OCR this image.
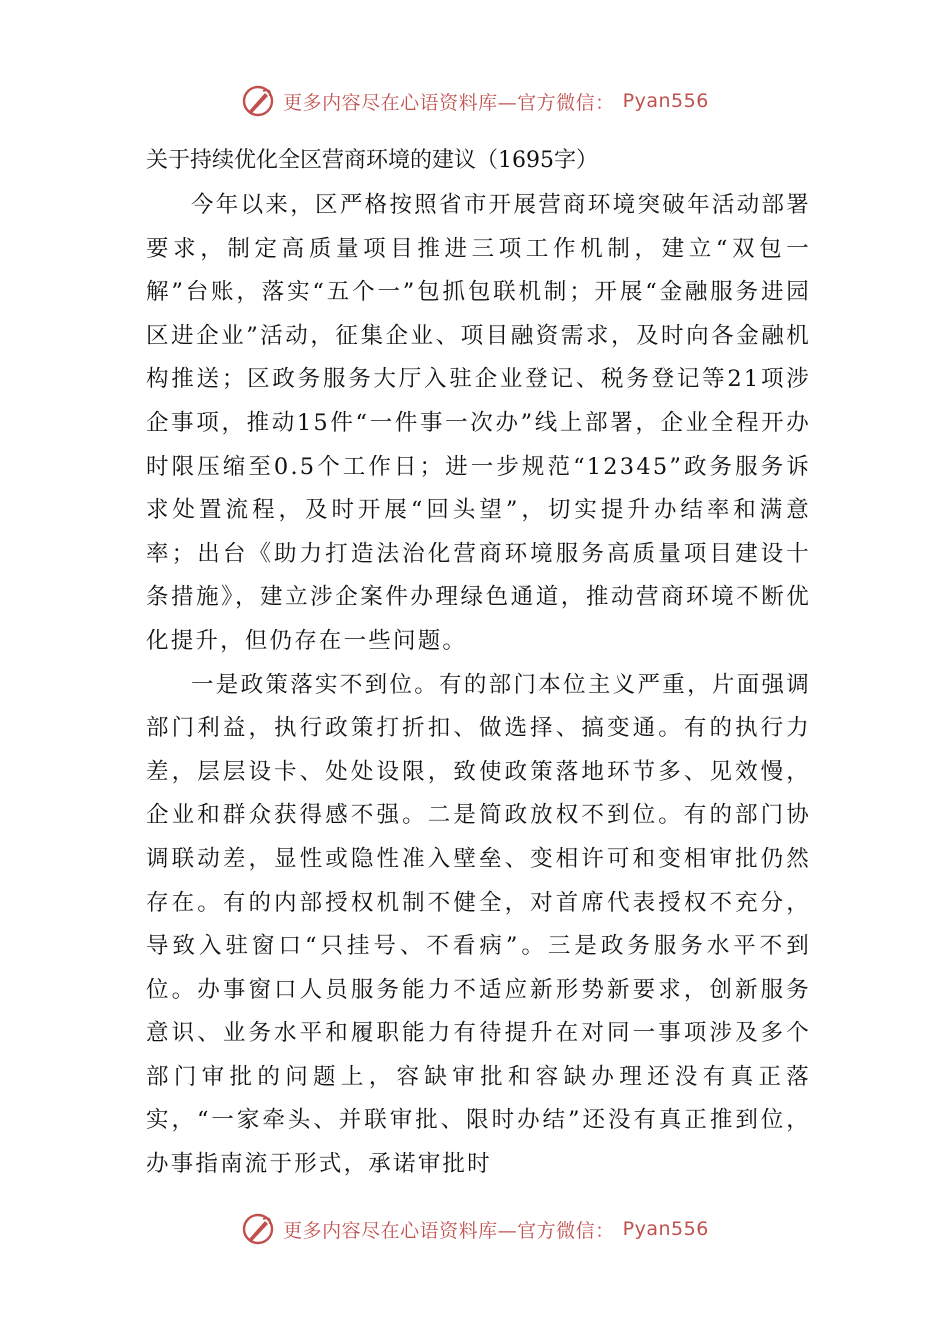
更多内容尽在心语资料库—官方微信： Pyan556
关于持续优化全区营商环境的建议（1695字）

今年以来，区严格按照省市开展营商环境突破年活动部署要求，制定高质量项目推进三项工作机制，建立“双包一解”台账，落实“五个一”包抓包联机制；开展“金融服务进园区进企业”活动，征集企业、项目融资需求，及时向各金融机构推送；区政务服务大厅入驻企业登记、税务登记等21项涉企事项，推动15件“一件事一次办”线上部署，企业全程开办时限压缩至0.5个工作日；进一步规范“12345”政务服务诉求处置流程，及时开展“回头望”，切实提升办结率和满意率；出台《助力打造法治化营商环境服务高质量项目建设十条措施》，建立涉企案件办理绿色通道，推动营商环境不断优化提升，但仍存在一些问题。

一是政策落实不到位。有的部门本位主义严重，片面强调部门利益，执行政策打折扣、做选择、搞变通。有的执行力差，层层设卡、处处设限，致使政策落地环节多、见效慢，企业和群众获得感不强。二是简政放权不到位。有的部门协调联动差，显性或隐性准入壁垒、变相许可和变相审批仍然存在。有的内部授权机制不健全，对首席代表授权不充分，导致入驻窗口“只挂号、不看病”。三是政务服务水平不到位。办事窗口人员服务能力不适应新形势新要求，创新服务意识、业务水平和履职能力有待提升在对同一事项涉及多个部门审批的问题上，容缺审批和容缺办理还没有真正落实，“一家牵头、并联审批、限时办结”还没有真正推到位，办事指南流于形式，承诺审批时

更多内容尽在心语资料库—官方微信： Pyan556
